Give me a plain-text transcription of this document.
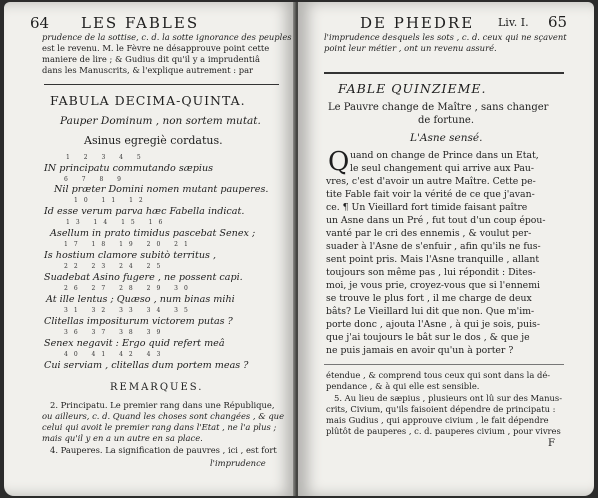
64 LES FABLES
prudence de la sottise, c. d. la sotte ignorance des peuples
est le revenu. M. le Fèvre ne désapprouve point cette
maniere de lire ; & Gudius dit qu'il y a imprudentiâ
dans les Manuscrits, & l'explique autrement : par
FABULA DECIMA-QUINTA.
Pauper Dominum , non sortem mutat.
Asinus egregiè cordatus.
1 2 3 4 5
IN principatu commutando sæpius
6 7 8 9
Nil præter Domini nomen mutant pauperes.
10 11 12
Id esse verum parva hæc Fabella indicat.
13 14 15 16
Asellum in prato timidus pascebat Senex ;
17 18 19 20 21
Is hostium clamore subitò territus ,
22 23 24 25
Suadebat Asino fugere , ne possent capi.
26 27 28 29 30
At ille lentus ; Quæso , num binas mihi
31 32 33 34 35
Clitellas impositurum victorem putas ?
36 37 38 39
Senex negavit : Ergo quid refert meâ
40 41 42 43
Cui serviam , clitellas dum portem meas ?
REMARQUES.
2. Principatu. Le premier rang dans une République,
ou ailleurs, c. d. Quand les choses sont changées , & que
celui qui avoit le premier rang dans l'Etat , ne l'a plus ;
mais qu'il y en a un autre en sa place.
4. Pauperes. La signification de pauvres , ici , est fort
l'imprudence
DE PHEDRE Liv. I. 65
l'imprudence desquels les sots , c. d. ceux qui ne sçavent
point leur métier , ont un revenu assuré.
FABLE QUINZIEME.
Le Pauvre change de Maître , sans changer
de fortune.
L'Asne sensé.
Q uand on change de Prince dans un Etat,
le seul changement qui arrive aux Pau-
vres, c'est d'avoir un autre Maître. Cette pe-
tite Fable fait voir la vérité de ce que j'avan-
ce. ¶ Un Vieillard fort timide faisant paître
un Asne dans un Pré , fut tout d'un coup épou-
vanté par le cri des ennemis , & voulut per-
suader à l'Asne de s'enfuir , afin qu'ils ne fus-
sent point pris. Mais l'Asne tranquille , allant
toujours son même pas , lui répondit : Dites-
moi, je vous prie, croyez-vous que si l'ennemi
se trouve le plus fort , il me charge de deux
bâts? Le Vieillard lui dit que non. Que m'im-
porte donc , ajouta l'Asne , à qui je sois, puis-
que j'ai toujours le bât sur le dos , & que je
ne puis jamais en avoir qu'un à porter ?
étendue , & comprend tous ceux qui sont dans la dé-
pendance , & à qui elle est sensible.
5. Au lieu de sæpius , plusieurs ont lû sur des Manus-
crits, Civium, qu'ils faisoient dépendre de principatu :
mais Gudius , qui approuve civium , le fait dépendre
plûtôt de pauperes , c. d. pauperes civium , pour vivres
F
